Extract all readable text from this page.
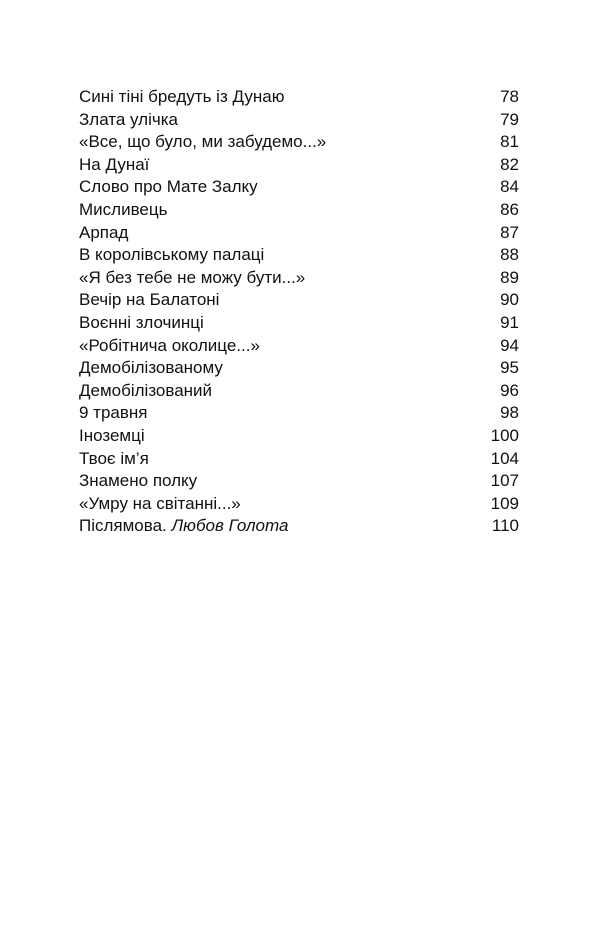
Сині тіні бредуть із Дунаю	78
Злата улічка	79
«Все, що було, ми забудемо...»	81
На Дунаї	82
Слово про Мате Залку	84
Мисливець	86
Арпад	87
В королівському палаці	88
«Я без тебе не можу бути...»	89
Вечір на Балатоні	90
Воєнні злочинці	91
«Робітнича околице...»	94
Демобілізованому	95
Демобілізований	96
9 травня	98
Іноземці	100
Твоє ім’я	104
Знамено полку	107
«Умру на світанні...»	109
Післямова. Любов Голота	110
